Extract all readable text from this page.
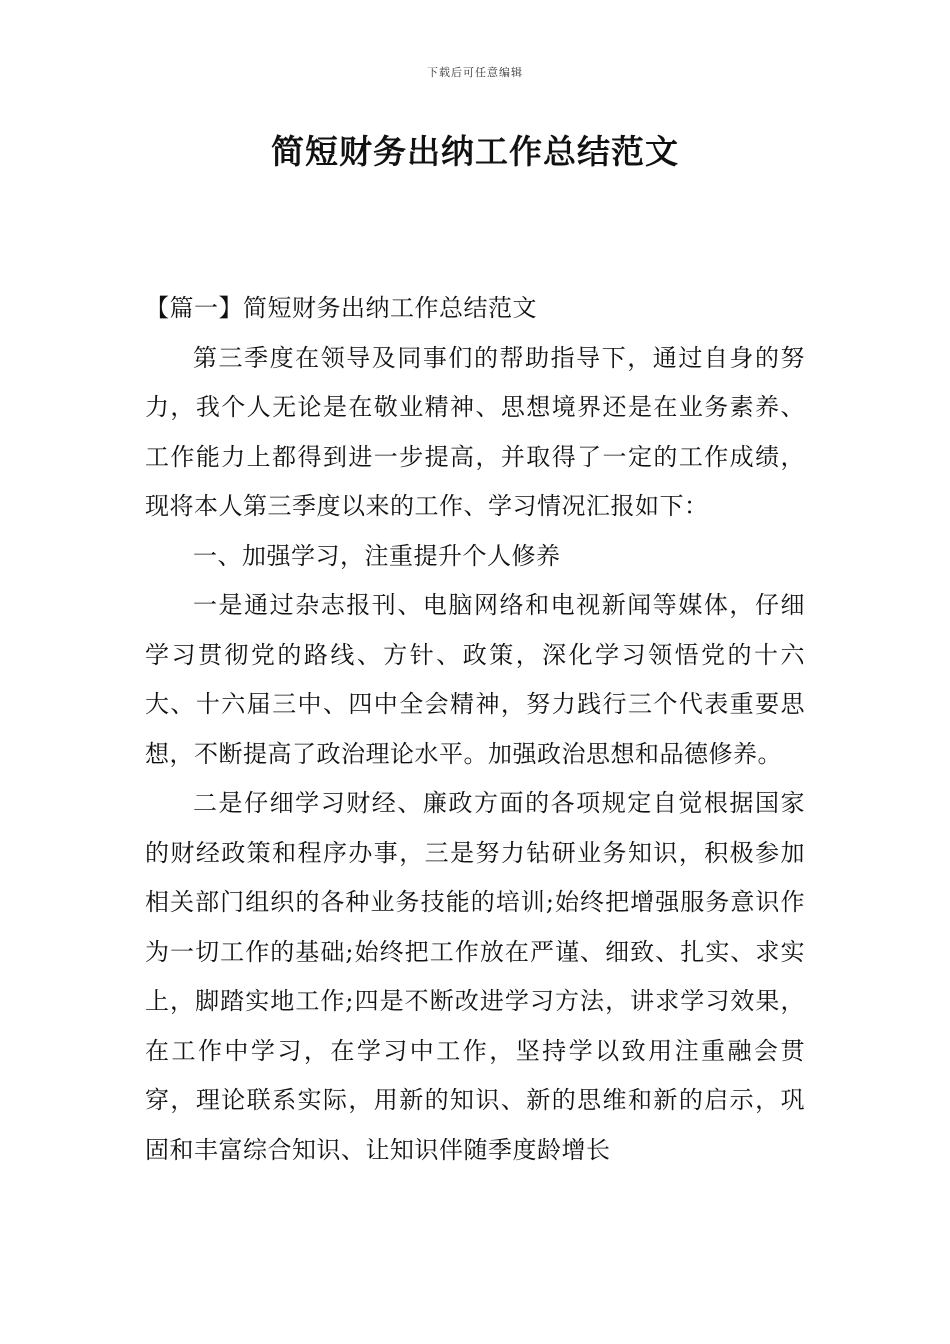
下载后可任意编辑
简短财务出纳工作总结范文

【篇一】简短财务出纳工作总结范文

第三季度在领导及同事们的帮助指导下，通过自身的努力，我个人无论是在敬业精神、思想境界还是在业务素养、工作能力上都得到进一步提高，并取得了一定的工作成绩，现将本人第三季度以来的工作、学习情况汇报如下：

一、加强学习，注重提升个人修养

一是通过杂志报刊、电脑网络和电视新闻等媒体，仔细学习贯彻党的路线、方针、政策，深化学习领悟党的十六大、十六届三中、四中全会精神，努力践行三个代表重要思想，不断提高了政治理论水平。加强政治思想和品德修养。

二是仔细学习财经、廉政方面的各项规定自觉根据国家的财经政策和程序办事，三是努力钻研业务知识，积极参加相关部门组织的各种业务技能的培训;始终把增强服务意识作为一切工作的基础;始终把工作放在严谨、细致、扎实、求实上，脚踏实地工作;四是不断改进学习方法，讲求学习效果，在工作中学习，在学习中工作，坚持学以致用注重融会贯穿，理论联系实际，用新的知识、新的思维和新的启示，巩固和丰富综合知识、让知识伴随季度龄增长
